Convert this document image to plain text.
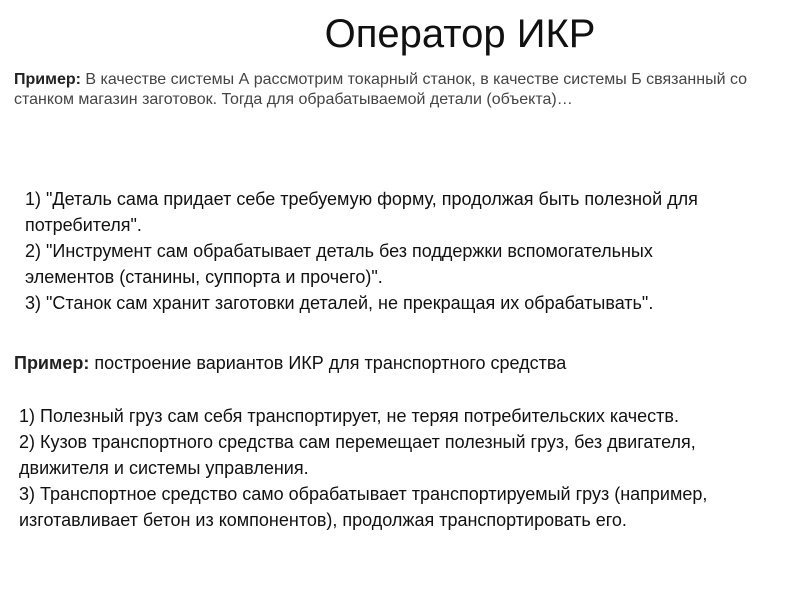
Оператор ИКР
Пример: В качестве системы А рассмотрим токарный станок, в качестве системы Б связанный со станком магазин заготовок. Тогда для обрабатываемой детали (объекта)…
1) "Деталь сама придает себе требуемую форму, продолжая быть полезной для потребителя".
2) "Инструмент сам обрабатывает деталь без поддержки вспомогательных элементов (станины, суппорта и прочего)".
3) "Станок сам хранит заготовки деталей, не прекращая их обрабатывать".
Пример: построение вариантов ИКР для транспортного средства
1) Полезный груз сам себя транспортирует, не теряя потребительских качеств.
2) Кузов транспортного средства сам перемещает полезный груз, без двигателя, движителя и системы управления.
3) Транспортное средство само обрабатывает транспортируемый груз (например, изготавливает бетон из компонентов), продолжая транспортировать его.
